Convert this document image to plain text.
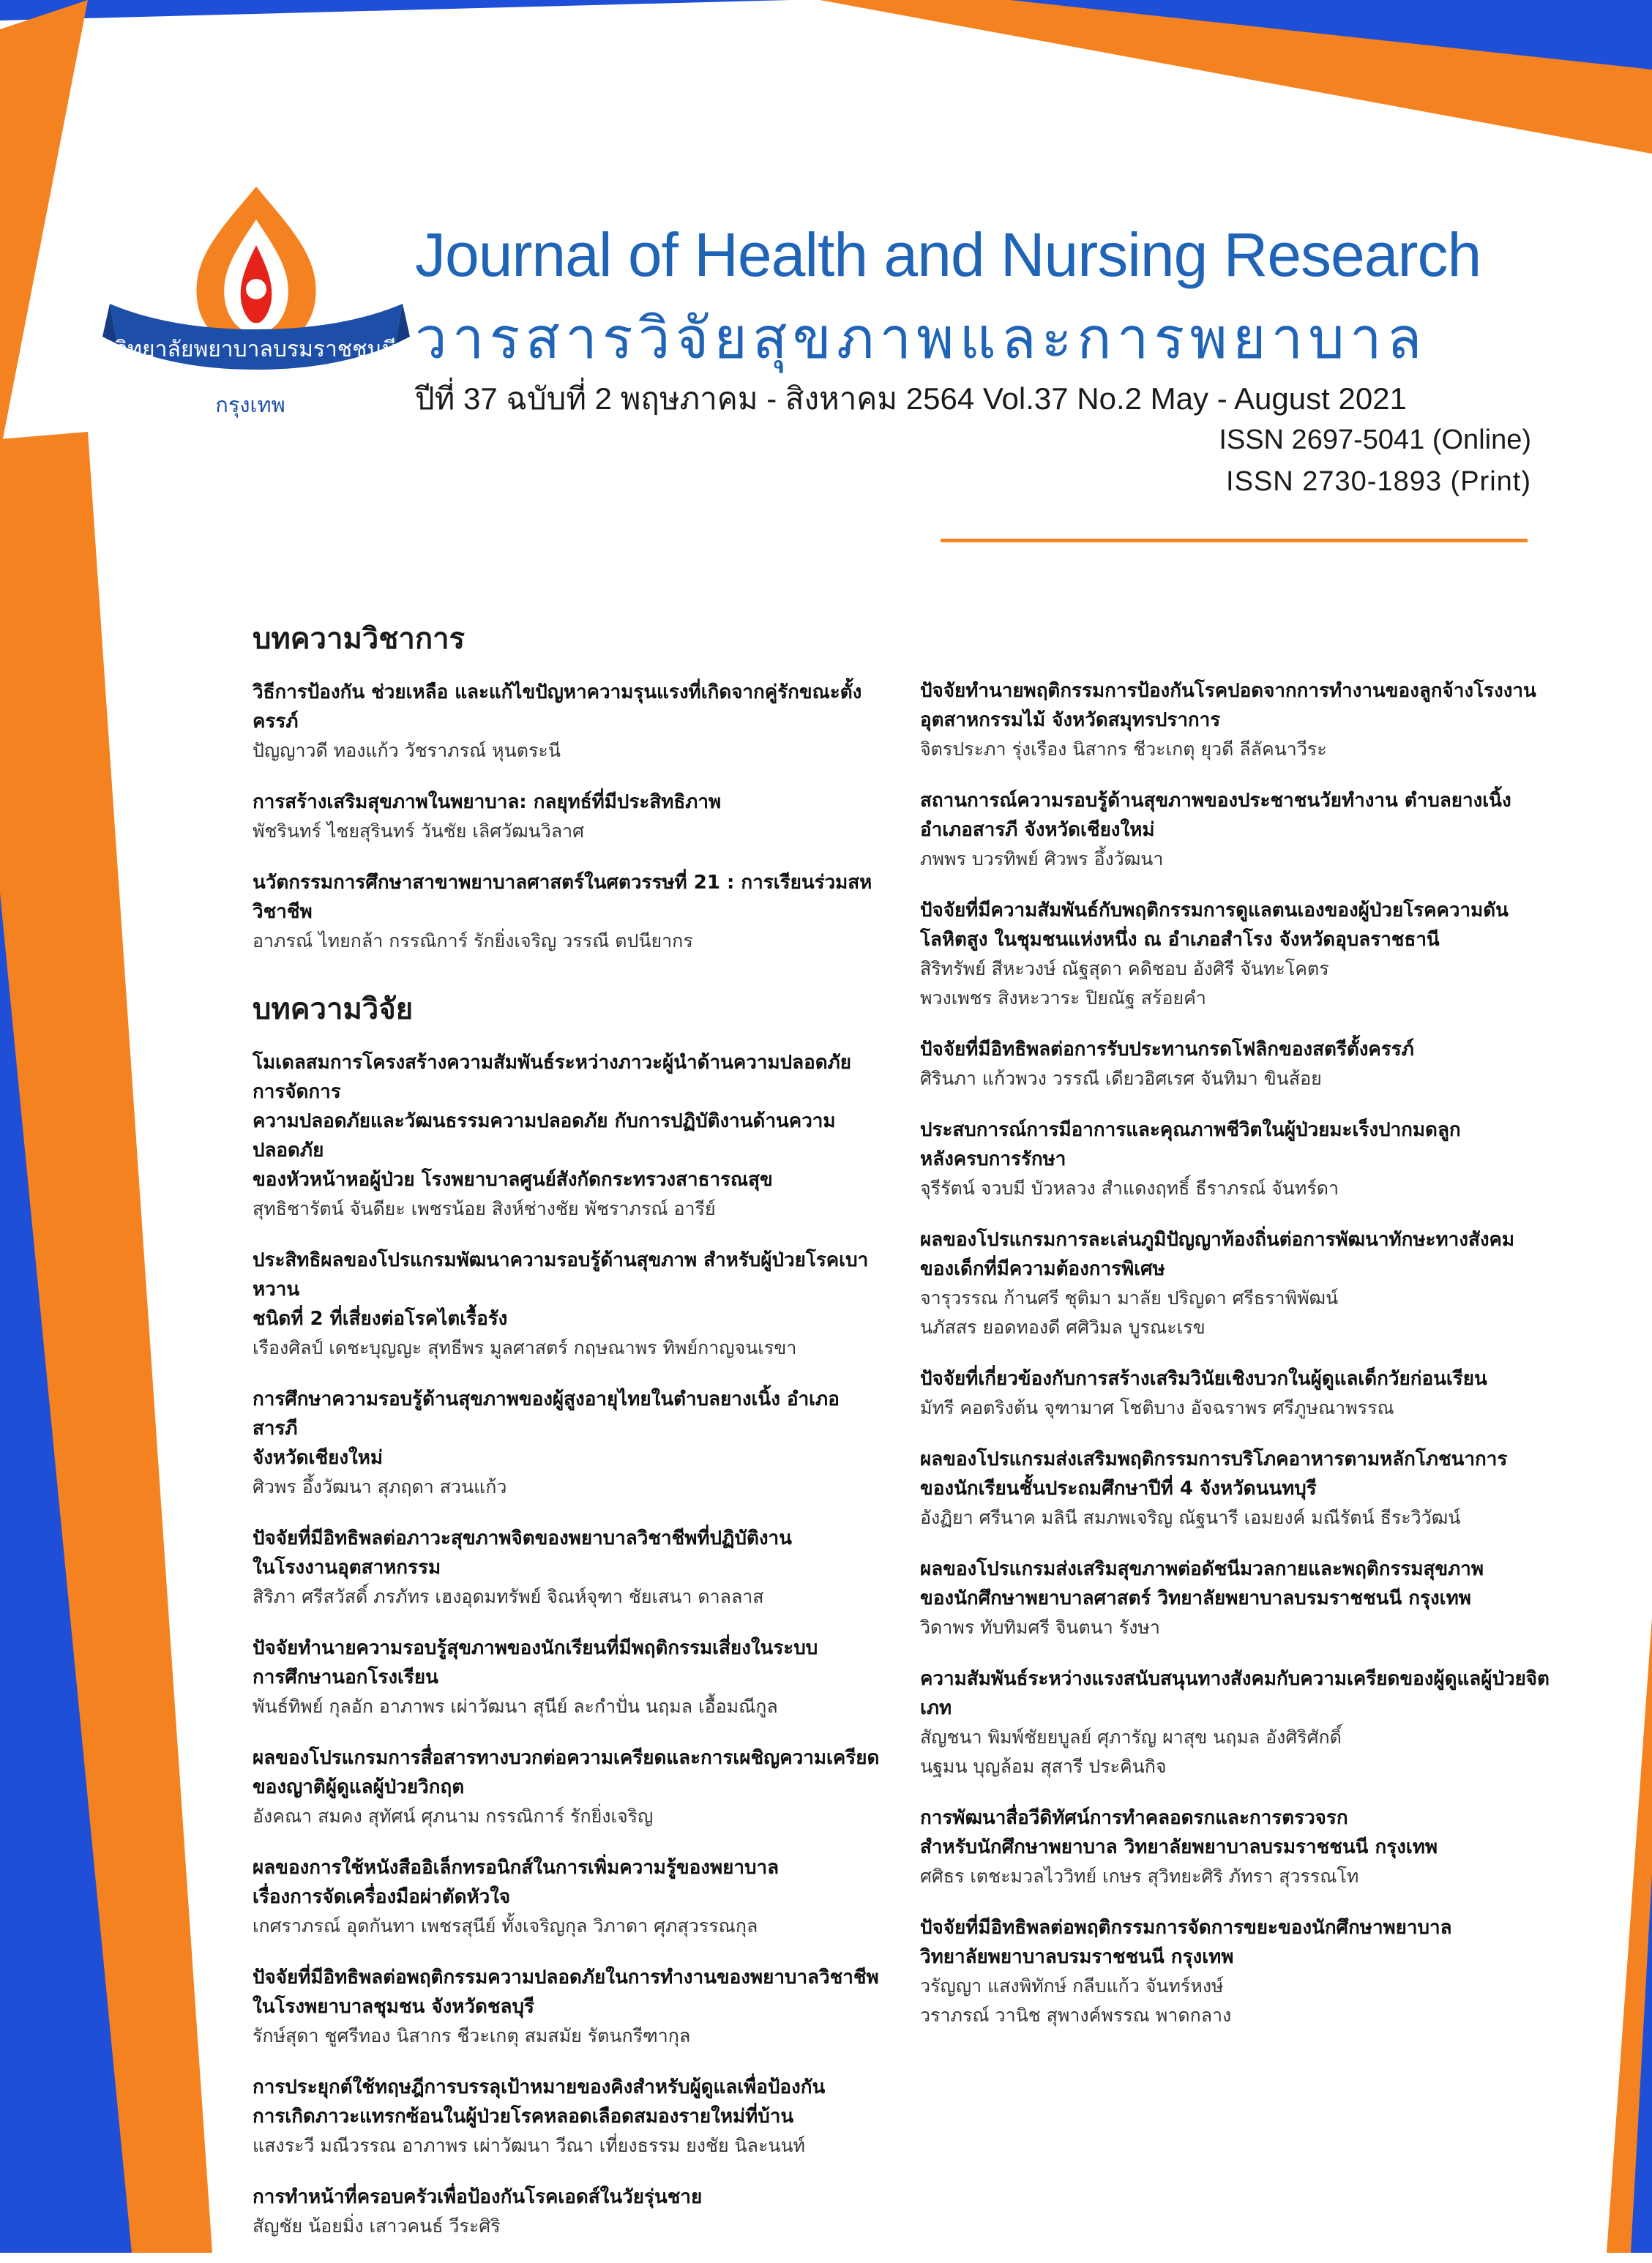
วิทยาลัยพยาบาลบรมราชชนนี
กรุงเทพ
Journal of Health and Nursing Research
วารสารวิจัยสุขภาพและการพยาบาล
ปีที่ 37 ฉบับที่ 2 พฤษภาคม - สิงหาคม 2564 Vol.37 No.2 May - August 2021
ISSN 2697-5041 (Online)
ISSN 2730-1893 (Print)
บทความวิชาการ
วิธีการป้องกัน ช่วยเหลือ และแก้ไขปัญหาความรุนแรงที่เกิดจากคู่รักขณะตั้งครรภ์
ปัญญาวดี ทองแก้ว วัชราภรณ์ หุนตระนี
การสร้างเสริมสุขภาพในพยาบาล: กลยุทธ์ที่มีประสิทธิภาพ
พัชรินทร์ ไชยสุรินทร์ วันชัย เลิศวัฒนวิลาศ
นวัตกรรมการศึกษาสาขาพยาบาลศาสตร์ในศตวรรษที่ 21 : การเรียนร่วมสหวิชาชีพ
อาภรณ์ ไทยกล้า กรรณิการ์ รักยิ่งเจริญ วรรณี ตปนียากร
บทความวิจัย
โมเดลสมการโครงสร้างความสัมพันธ์ระหว่างภาวะผู้นำด้านความปลอดภัย การจัดการ
ความปลอดภัยและวัฒนธรรมความปลอดภัย กับการปฏิบัติงานด้านความปลอดภัย
ของหัวหน้าหอผู้ป่วย โรงพยาบาลศูนย์สังกัดกระทรวงสาธารณสุข
สุทธิชารัตน์ จันดียะ เพชรน้อย สิงห์ช่างชัย พัชราภรณ์ อารีย์
ประสิทธิผลของโปรแกรมพัฒนาความรอบรู้ด้านสุขภาพ สำหรับผู้ป่วยโรคเบาหวาน
ชนิดที่ 2 ที่เสี่ยงต่อโรคไตเรื้อรัง
เรืองศิลป์ เดชะบุญญะ สุทธีพร มูลศาสตร์ กฤษณาพร ทิพย์กาญจนเรขา
การศึกษาความรอบรู้ด้านสุขภาพของผู้สูงอายุไทยในตำบลยางเนิ้ง อำเภอสารภี
จังหวัดเชียงใหม่
ศิวพร อึ้งวัฒนา สุภฤดา สวนแก้ว
ปัจจัยที่มีอิทธิพลต่อภาวะสุขภาพจิตของพยาบาลวิชาชีพที่ปฏิบัติงาน
ในโรงงานอุตสาหกรรม
สิริภา ศรีสวัสดิ์ ภรภัทร เฮงอุดมทรัพย์ จิณห์จุฑา ชัยเสนา ดาลลาส
ปัจจัยทำนายความรอบรู้สุขภาพของนักเรียนที่มีพฤติกรรมเสี่ยงในระบบ
การศึกษานอกโรงเรียน
พันธ์ทิพย์ กุลอัก อาภาพร เผ่าวัฒนา สุนีย์ ละกำปั่น นฤมล เอื้อมณีกูล
ผลของโปรแกรมการสื่อสารทางบวกต่อความเครียดและการเผชิญความเครียด
ของญาติผู้ดูแลผู้ป่วยวิกฤต
อังคณา สมคง สุทัศน์ ศุภนาม กรรณิการ์ รักยิ่งเจริญ
ผลของการใช้หนังสืออิเล็กทรอนิกส์ในการเพิ่มความรู้ของพยาบาล
เรื่องการจัดเครื่องมือผ่าตัดหัวใจ
เกศราภรณ์ อุดกันทา เพชรสุนีย์ ทั้งเจริญกุล วิภาดา ศุภสุวรรณกุล
ปัจจัยที่มีอิทธิพลต่อพฤติกรรมความปลอดภัยในการทำงานของพยาบาลวิชาชีพ
ในโรงพยาบาลชุมชน จังหวัดชลบุรี
รักษ์สุดา ชูศรีทอง นิสากร ชีวะเกตุ สมสมัย รัตนกรีฑากุล
การประยุกต์ใช้ทฤษฎีการบรรลุเป้าหมายของคิงสำหรับผู้ดูแลเพื่อป้องกัน
การเกิดภาวะแทรกซ้อนในผู้ป่วยโรคหลอดเลือดสมองรายใหม่ที่บ้าน
แสงระวี มณีวรรณ อาภาพร เผ่าวัฒนา วีณา เที่ยงธรรม ยงชัย นิละนนท์
การทำหน้าที่ครอบครัวเพื่อป้องกันโรคเอดส์ในวัยรุ่นชาย
สัญชัย น้อยมิ่ง เสาวคนธ์ วีระศิริ
ปัจจัยทำนายพฤติกรรมการป้องกันโรคปอดจากการทำงานของลูกจ้างโรงงาน
อุตสาหกรรมไม้ จังหวัดสมุทรปราการ
จิตรประภา รุ่งเรือง นิสากร ชีวะเกตุ ยุวดี ลีลัคนาวีระ
สถานการณ์ความรอบรู้ด้านสุขภาพของประชาชนวัยทำงาน ตำบลยางเนิ้ง
อำเภอสารภี จังหวัดเชียงใหม่
ภพพร บวรทิพย์ ศิวพร อึ้งวัฒนา
ปัจจัยที่มีความสัมพันธ์กับพฤติกรรมการดูแลตนเองของผู้ป่วยโรคความดัน
โลหิตสูง ในชุมชนแห่งหนึ่ง ณ อำเภอสำโรง จังหวัดอุบลราชธานี
สิริทรัพย์ สีหะวงษ์ ณัฐสุดา คดิชอบ อังศิรี จันทะโคตร
พวงเพชร สิงหะวาระ ปิยณัฐ สร้อยคำ
ปัจจัยที่มีอิทธิพลต่อการรับประทานกรดโฟลิกของสตรีตั้งครรภ์
ศิรินภา แก้วพวง วรรณี เดียวอิศเรศ จันทิมา ขินส้อย
ประสบการณ์การมีอาการและคุณภาพชีวิตในผู้ป่วยมะเร็งปากมดลูก
หลังครบการรักษา
จุรีรัตน์ จวบมี บัวหลวง สำแดงฤทธิ์ ธีราภรณ์ จันทร์ดา
ผลของโปรแกรมการละเล่นภูมิปัญญาท้องถิ่นต่อการพัฒนาทักษะทางสังคม
ของเด็กที่มีความต้องการพิเศษ
จารุวรรณ ก้านศรี ชุติมา มาลัย ปริญดา ศรีธราพิพัฒน์
นภัสสร ยอดทองดี ศศิวิมล บูรณะเรข
ปัจจัยที่เกี่ยวข้องกับการสร้างเสริมวินัยเชิงบวกในผู้ดูแลเด็กวัยก่อนเรียน
มัทรี คอตริงต้น จุฑามาศ โชติบาง อัจฉราพร ศรีภูษณาพรรณ
ผลของโปรแกรมส่งเสริมพฤติกรรมการบริโภคอาหารตามหลักโภชนาการ
ของนักเรียนชั้นประถมศึกษาปีที่ 4 จังหวัดนนทบุรี
อังฏิยา ศรีนาค มลินี สมภพเจริญ ณัฐนารี เอมยงค์ มณีรัตน์ ธีระวิวัฒน์
ผลของโปรแกรมส่งเสริมสุขภาพต่อดัชนีมวลกายและพฤติกรรมสุขภาพ
ของนักศึกษาพยาบาลศาสตร์ วิทยาลัยพยาบาลบรมราชชนนี กรุงเทพ
วิดาพร ทับทิมศรี จินตนา รังษา
ความสัมพันธ์ระหว่างแรงสนับสนุนทางสังคมกับความเครียดของผู้ดูแลผู้ป่วยจิตเภท
สัญชนา พิมพ์ชัยยบูลย์ ศุภารัญ ผาสุข นฤมล อังศิริศักดิ์
นฐมน บุญล้อม สุสารี ประคินกิจ
การพัฒนาสื่อวีดิทัศน์การทำคลอดรกและการตรวจรก
สำหรับนักศึกษาพยาบาล วิทยาลัยพยาบาลบรมราชชนนี กรุงเทพ
ศศิธร เตชะมวลไววิทย์ เกษร สุวิทยะศิริ ภัทรา สุวรรณโท
ปัจจัยที่มีอิทธิพลต่อพฤติกรรมการจัดการขยะของนักศึกษาพยาบาล
วิทยาลัยพยาบาลบรมราชชนนี กรุงเทพ
วรัญญา แสงพิทักษ์ กลีบแก้ว จันทร์หงษ์
วราภรณ์ วานิช สุพางค์พรรณ พาดกลาง
